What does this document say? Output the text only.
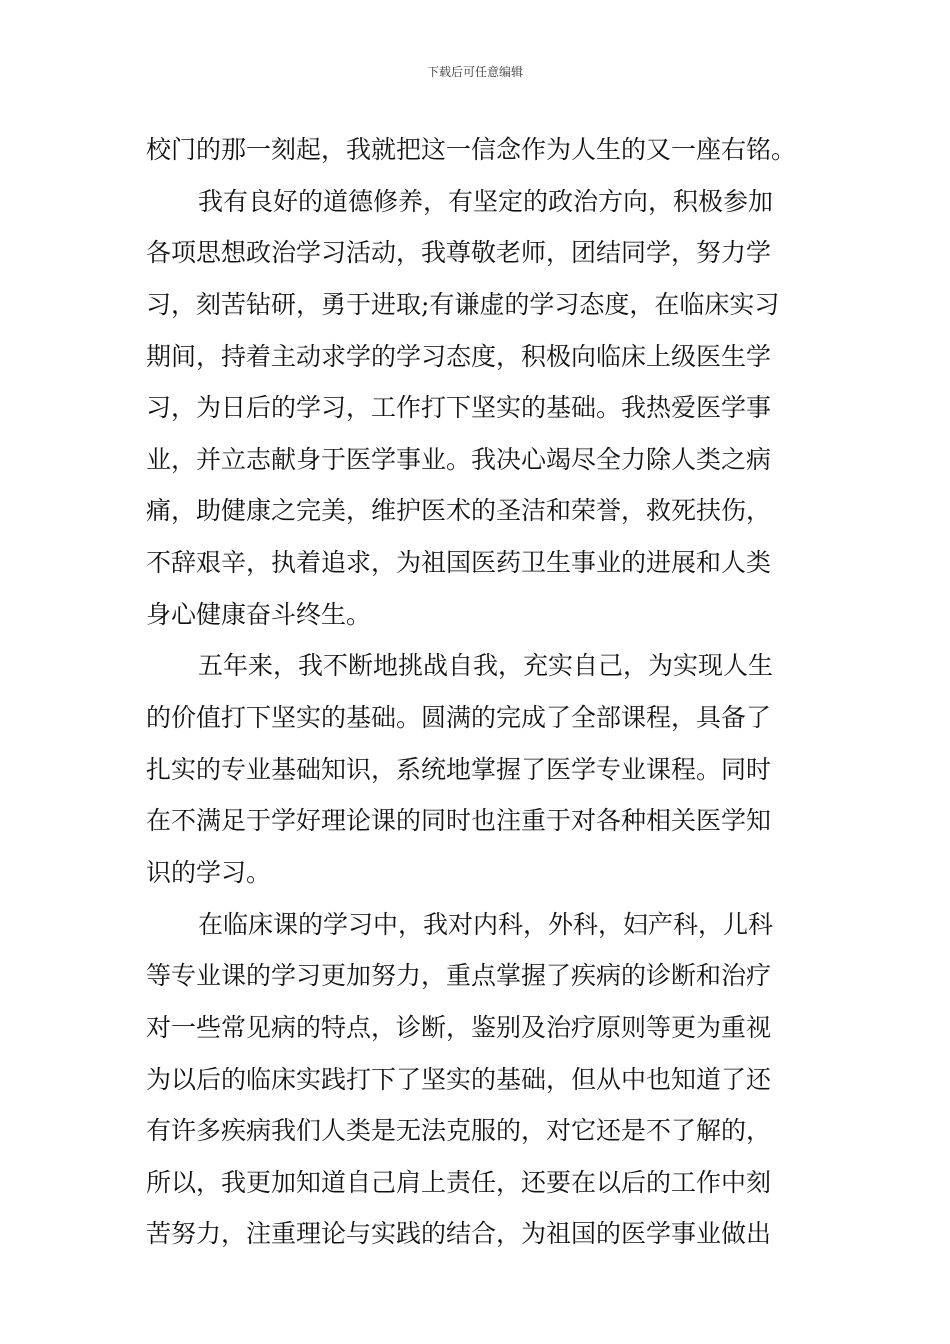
下载后可任意编辑
校门的那一刻起，我就把这一信念作为人生的又一座右铭。
我有良好的道德修养，有坚定的政治方向，积极参加
各项思想政治学习活动，我尊敬老师，团结同学，努力学
习，刻苦钻研，勇于进取;有谦虚的学习态度，在临床实习
期间，持着主动求学的学习态度，积极向临床上级医生学
习，为日后的学习，工作打下坚实的基础。我热爱医学事
业，并立志献身于医学事业。我决心竭尽全力除人类之病
痛，助健康之完美，维护医术的圣洁和荣誉，救死扶伤，
不辞艰辛，执着追求，为祖国医药卫生事业的进展和人类
身心健康奋斗终生。
五年来，我不断地挑战自我，充实自己，为实现人生
的价值打下坚实的基础。圆满的完成了全部课程，具备了
扎实的专业基础知识，系统地掌握了医学专业课程。同时
在不满足于学好理论课的同时也注重于对各种相关医学知
识的学习。
在临床课的学习中，我对内科，外科，妇产科，儿科
等专业课的学习更加努力，重点掌握了疾病的诊断和治疗
对一些常见病的特点，诊断，鉴别及治疗原则等更为重视
为以后的临床实践打下了坚实的基础，但从中也知道了还
有许多疾病我们人类是无法克服的，对它还是不了解的，
所以，我更加知道自己肩上责任，还要在以后的工作中刻
苦努力，注重理论与实践的结合，为祖国的医学事业做出
